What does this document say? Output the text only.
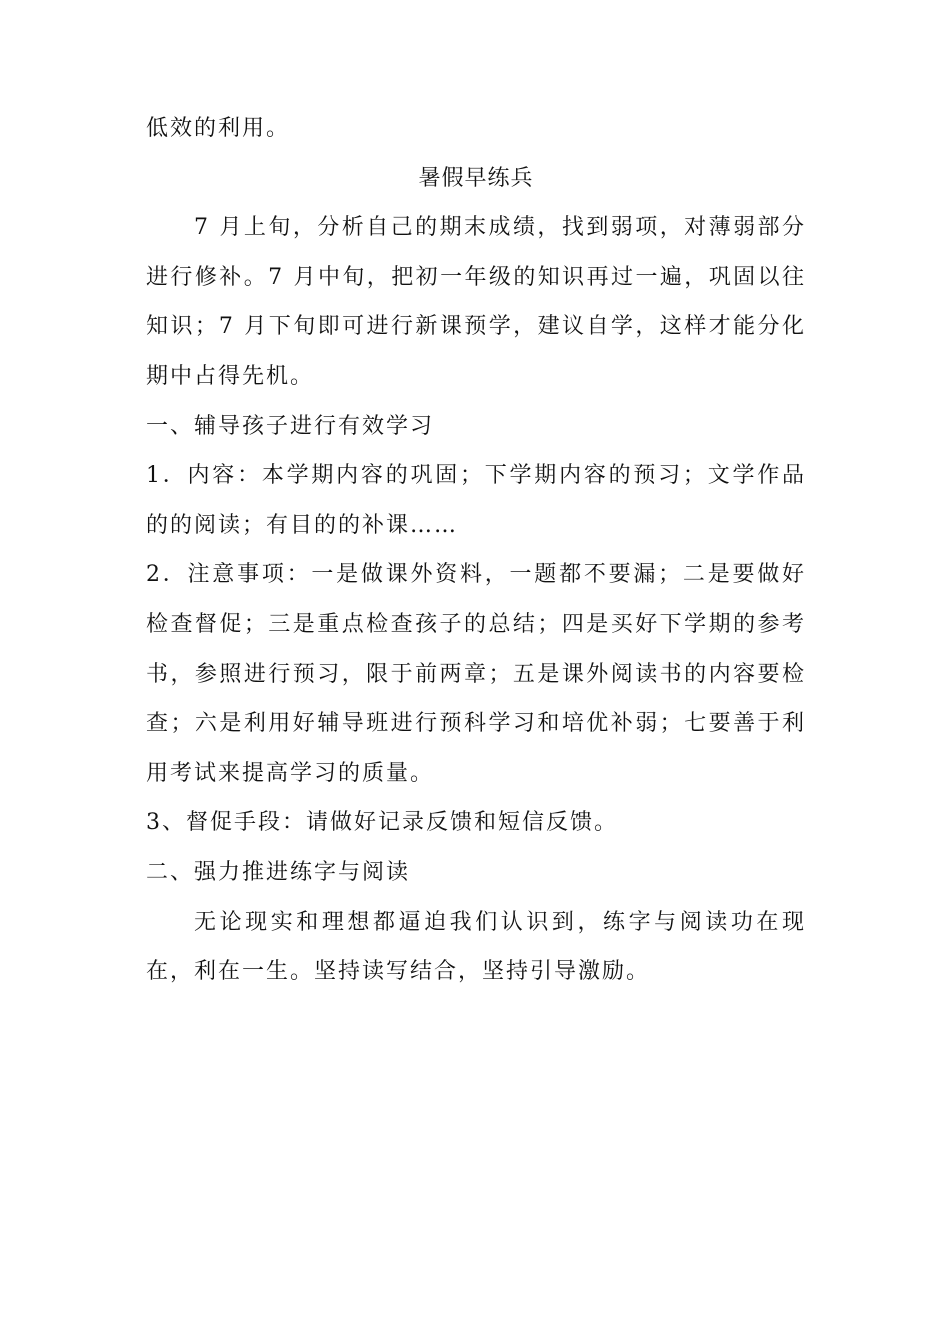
低效的利用。

暑假早练兵

7 月上旬，分析自己的期末成绩，找到弱项，对薄弱部分进行修补。7 月中旬，把初一年级的知识再过一遍，巩固以往知识；7 月下旬即可进行新课预学，建议自学，这样才能分化期中占得先机。

一、辅导孩子进行有效学习

1．内容：本学期内容的巩固；下学期内容的预习；文学作品的的阅读；有目的的补课……

2．注意事项：一是做课外资料，一题都不要漏；二是要做好检查督促；三是重点检查孩子的总结；四是买好下学期的参考书，参照进行预习，限于前两章；五是课外阅读书的内容要检查；六是利用好辅导班进行预科学习和培优补弱；七要善于利用考试来提高学习的质量。

3、督促手段：请做好记录反馈和短信反馈。

二、强力推进练字与阅读

无论现实和理想都逼迫我们认识到，练字与阅读功在现在，利在一生。坚持读写结合，坚持引导激励。
